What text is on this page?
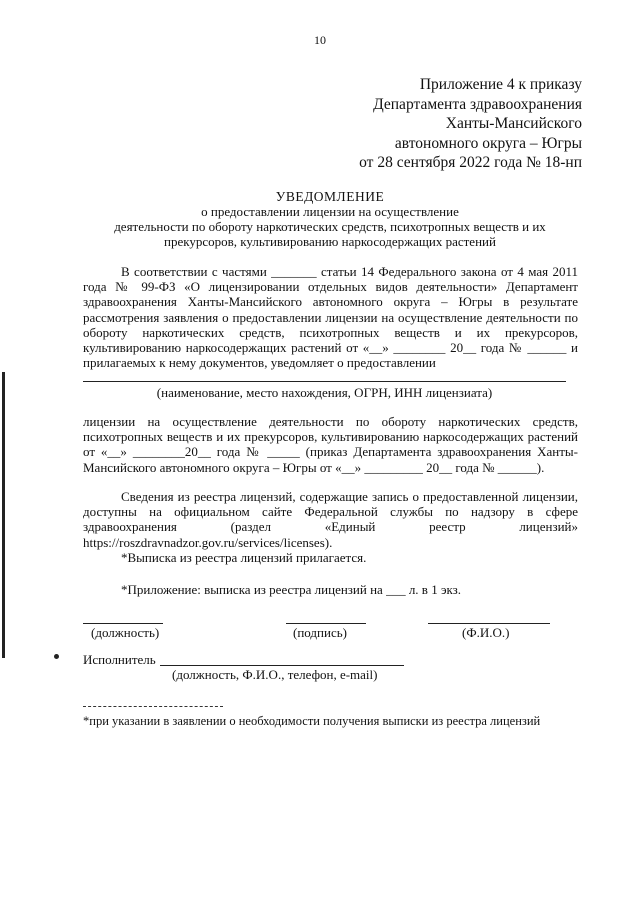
10
Приложение 4 к приказу
Департамента здравоохранения
Ханты-Мансийского
автономного округа – Югры
от 28 сентября 2022 года № 18-нп
УВЕДОМЛЕНИЕ
о предоставлении лицензии на осуществление
деятельности по обороту наркотических средств, психотропных веществ и их
прекурсоров, культивированию наркосодержащих растений
В соответствии с частями _______ статьи 14 Федерального закона от 4 мая 2011 года № 99-ФЗ «О лицензировании отдельных видов деятельности» Департамент здравоохранения Ханты-Мансийского автономного округа – Югры в результате рассмотрения заявления о предоставлении лицензии на осуществление деятельности по обороту наркотических средств, психотропных веществ и их прекурсоров, культивированию наркосодержащих растений от «__» ________ 20__ года № ______ и прилагаемых к нему документов, уведомляет о предоставлении
(наименование, место нахождения, ОГРН, ИНН лицензиата)
лицензии на осуществление деятельности по обороту наркотических средств, психотропных веществ и их прекурсоров, культивированию наркосодержащих растений от «__» ________20__ года № _____ (приказ Департамента здравоохранения Ханты-Мансийского автономного округа – Югры от «__» _________ 20__ года № ______).
Сведения из реестра лицензий, содержащие запись о предоставленной лицензии, доступны на официальном сайте Федеральной службы по надзору в сфере здравоохранения (раздел «Единый реестр лицензий» https://roszdravnadzor.gov.ru/services/licenses).
*Выписка из реестра лицензий прилагается.
*Приложение: выписка из реестра лицензий на ___ л. в 1 экз.
(должность)	(подпись)	(Ф.И.О.)
Исполнитель
(должность, Ф.И.О., телефон, e-mail)
*при указании в заявлении о необходимости получения выписки из реестра лицензий
